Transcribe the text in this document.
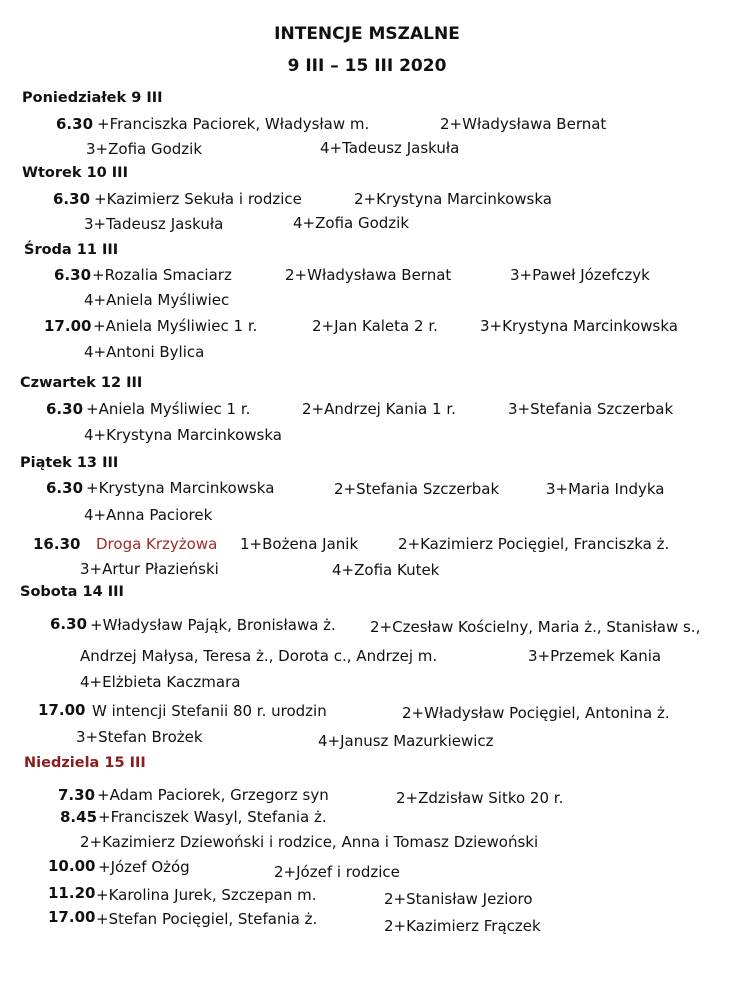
INTENCJE MSZALNE
9 III – 15 III 2020
Poniedziałek 9 III
6.30 +Franciszka Paciorek, Władysław m.	2+Władysława Bernat
3+Zofia Godzik	4+Tadeusz Jaskuła
Wtorek 10 III
6.30 +Kazimierz Sekuła i rodzice	2+Krystyna Marcinkowska
3+Tadeusz Jaskuła	4+Zofia Godzik
Środa 11 III
6.30 +Rozalia Smaciarz	2+Władysława Bernat	3+Paweł Józefczyk
4+Aniela Myśliwiec
17.00 +Aniela Myśliwiec 1 r.	2+Jan Kaleta 2 r.	3+Krystyna Marcinkowska
4+Antoni Bylica
Czwartek 12 III
6.30 +Aniela Myśliwiec 1 r.	2+Andrzej Kania 1 r.	3+Stefania Szczerbak
4+Krystyna Marcinkowska
Piątek 13 III
6.30 +Krystyna Marcinkowska	2+Stefania Szczerbak	3+Maria Indyka
4+Anna Paciorek
16.30 Droga Krzyżowa 1+Bożena Janik	2+Kazimierz Pocięgiel, Franciszka ż.
3+Artur Płazieński	4+Zofia Kutek
Sobota 14 III
6.30 +Władysław Pająk, Bronisława ż. 2+Czesław Kościelny, Maria ż., Stanisław s.,
Andrzej Małysa, Teresa ż., Dorota c., Andrzej m.	3+Przemek Kania
4+Elżbieta Kaczmara
17.00 W intencji Stefanii 80 r. urodzin	2+Władysław Pocięgiel, Antonina ż.
3+Stefan Brożek	4+Janusz Mazurkiewicz
Niedziela 15 III
7.30 +Adam Paciorek, Grzegorz syn	2+Zdzisław Sitko 20 r.
8.45 +Franciszek Wasyl, Stefania ż.
2+Kazimierz Dziewoński i rodzice, Anna i Tomasz Dziewoński
10.00 +Józef Ożóg	2+Józef i rodzice
11.20 +Karolina Jurek, Szczepan m.	2+Stanisław Jezioro
17.00 +Stefan Pocięgiel, Stefania ż.	2+Kazimierz Frączek
